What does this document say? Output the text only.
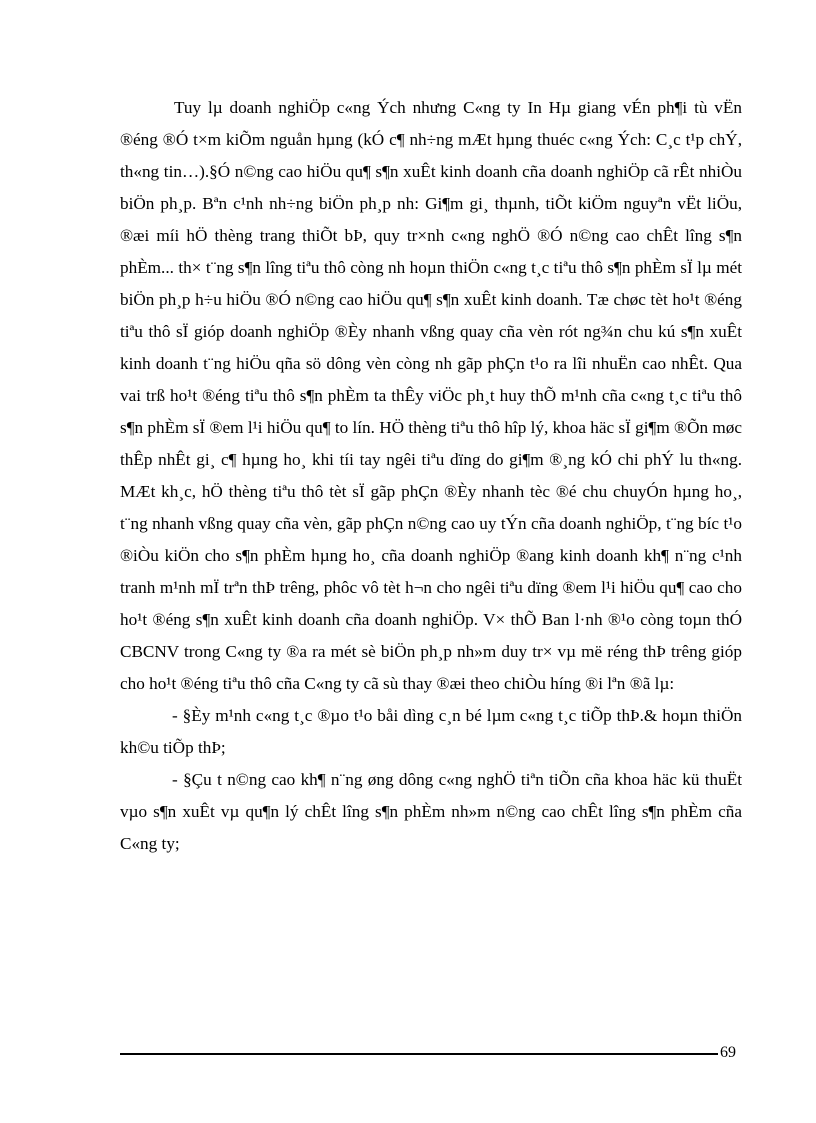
Tuy lµ doanh nghiÖp c«ng Ých nhưng C«ng ty In Hµ giang vÉn ph¶i tù vËn ®éng ®Ó t×m kiÕm nguån hµng (kÓ c¶ nh÷ng mÆt hµng thuéc c«ng Ých: C¸c t¹p chÝ, th«ng tin…).§Ó n©ng cao hiÖu qu¶ s¶n xuÊt kinh doanh cña doanh nghiÖp cã rÊt nhiÒu biÖn ph¸p. Bªn c¹nh nh÷ng biÖn ph¸p nh: Gi¶m gi¸ thµnh, tiÕt kiÖm nguyªn vËt liÖu, ®æi míi hÖ thèng trang thiÕt bÞ, quy tr×nh c«ng nghÖ ®Ó n©ng cao chÊt lîng s¶n phÈm... th× t¨ng s¶n lîng tiªu thô còng nh hoµn thiÖn c«ng t¸c tiªu thô s¶n phÈm sÏ lµ mét biÖn ph¸p h÷u hiÖu ®Ó n©ng cao hiÖu qu¶ s¶n xuÊt kinh doanh. Tæ chøc tèt ho¹t ®éng tiªu thô sÏ gióp doanh nghiÖp ®Èy nhanh vßng quay cña vèn rót ng¾n chu kú s¶n xuÊt kinh doanh t¨ng hiÖu qña sö dông vèn còng nh gãp phÇn t¹o ra lîi nhuËn cao nhÊt. Qua vai trß ho¹t ®éng tiªu thô s¶n phÈm ta thÊy viÖc ph¸t huy thÕ m¹nh cña c«ng t¸c tiªu thô s¶n phÈm sÏ ®em l¹i hiÖu qu¶ to lín. HÖ thèng tiªu thô hîp lý, khoa häc sÏ gi¶m ®Õn møc thÊp nhÊt gi¸ c¶ hµng ho¸ khi tíi tay ngêi tiªu dïng do gi¶m ®¸ng kÓ chi phÝ lu th«ng. MÆt kh¸c, hÖ thèng tiªu thô tèt sÏ gãp phÇn ®Èy nhanh tèc ®é chu chuyÓn hµng ho¸, t¨ng nhanh vßng quay cña vèn, gãp phÇn n©ng cao uy tÝn cña doanh nghiÖp, t¨ng bíc t¹o ®iÒu kiÖn cho s¶n phÈm hµng ho¸ cña doanh nghiÖp ®ang kinh doanh kh¶ n¨ng c¹nh tranh m¹nh mÏ trªn thÞ trêng, phôc vô tèt h¬n cho ngêi tiªu dïng ®em l¹i hiÖu qu¶ cao cho ho¹t ®éng s¶n xuÊt kinh doanh cña doanh nghiÖp. V× thÕ Ban l·nh ®¹o còng toµn thÓ CBCNV trong C«ng ty ®a ra mét sè biÖn ph¸p nh»m duy tr× vµ më réng thÞ trêng gióp cho ho¹t ®éng tiªu thô cña C«ng ty cã sù thay ®æi theo chiÒu híng ®i lªn ®ã lµ:

- §Èy m¹nh c«ng t¸c ®µo t¹o båi dìng c¸n bé lµm c«ng t¸c tiÕp thÞ.& hoµn thiÖn kh©u tiÕp thÞ;

- §Çu t n©ng cao kh¶ n¨ng øng dông c«ng nghÖ tiªn tiÕn cña khoa häc kü thuËt vµo s¶n xuÊt vµ qu¶n lý chÊt lîng s¶n phÈm nh»m n©ng cao chÊt lîng s¶n phÈm cña C«ng ty;

69
